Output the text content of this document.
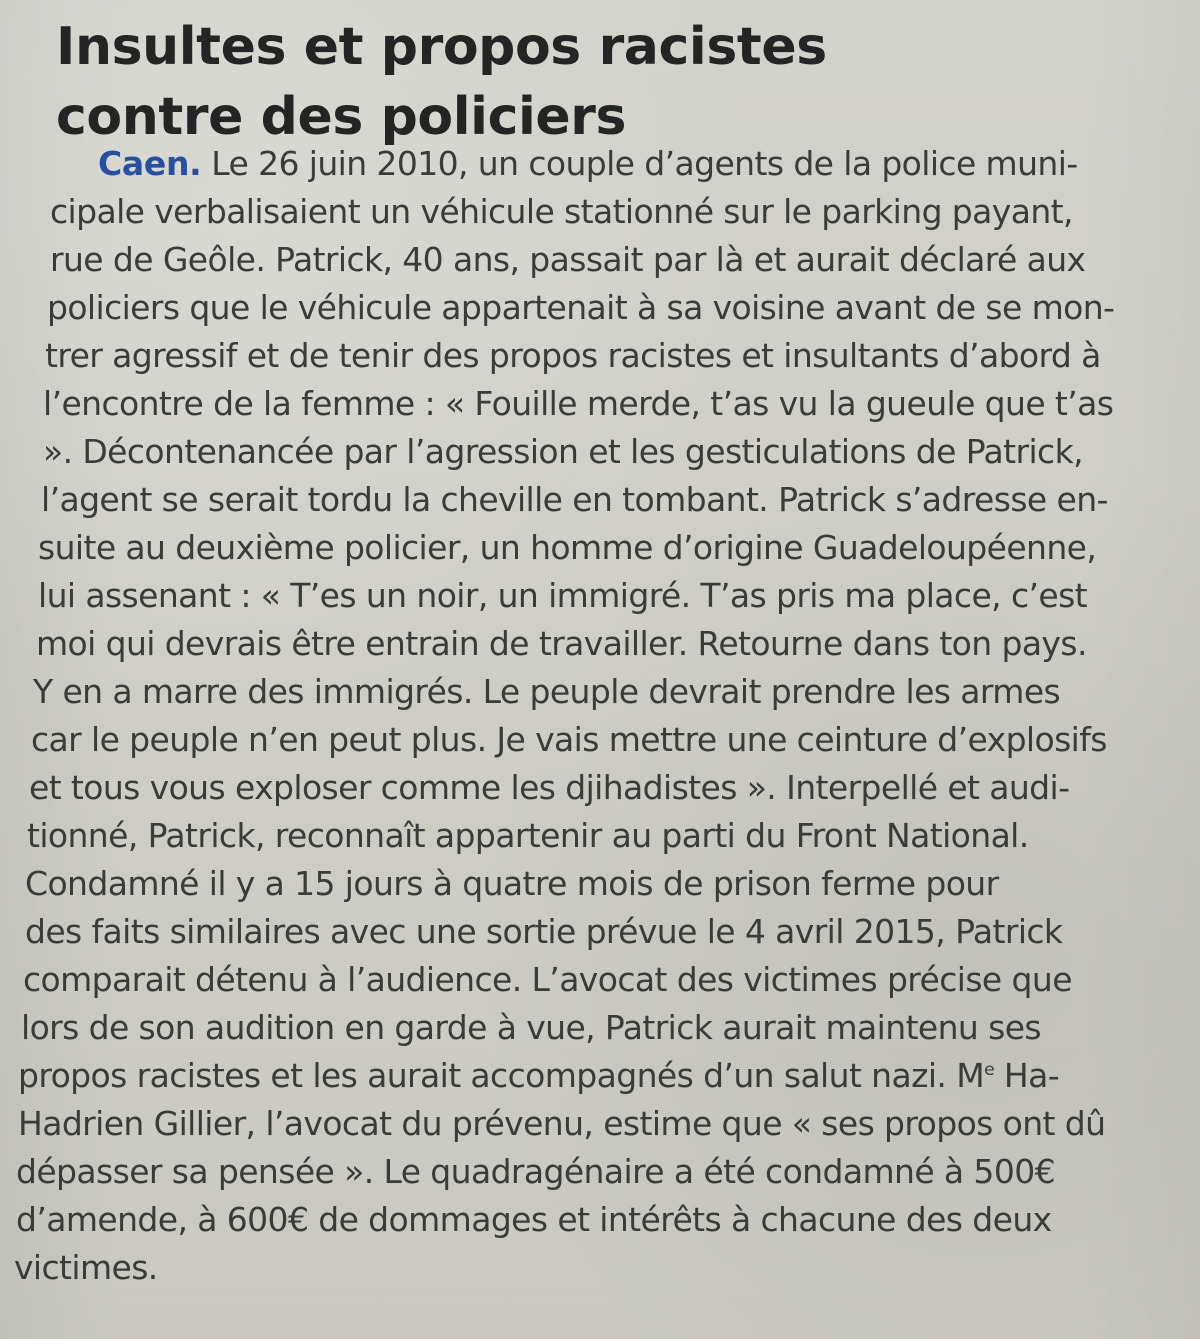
Insultes et propos racistes
contre des policiers
Caen. Le 26 juin 2010, un couple d’agents de la police muni-
cipale verbalisaient un véhicule stationné sur le parking payant,
rue de Geôle. Patrick, 40 ans, passait par là et aurait déclaré aux
policiers que le véhicule appartenait à sa voisine avant de se mon-
trer agressif et de tenir des propos racistes et insultants d’abord à
l’encontre de la femme : « Fouille merde, t’as vu la gueule que t’as
». Décontenancée par l’agression et les gesticulations de Patrick,
l’agent se serait tordu la cheville en tombant. Patrick s’adresse en-
suite au deuxième policier, un homme d’origine Guadeloupéenne,
lui assenant : « T’es un noir, un immigré. T’as pris ma place, c’est
moi qui devrais être entrain de travailler. Retourne dans ton pays.
Y en a marre des immigrés. Le peuple devrait prendre les armes
car le peuple n’en peut plus. Je vais mettre une ceinture d’explosifs
et tous vous exploser comme les djihadistes ». Interpellé et audi-
tionné, Patrick, reconnaît appartenir au parti du Front National.
Condamné il y a 15 jours à quatre mois de prison ferme pour
des faits similaires avec une sortie prévue le 4 avril 2015, Patrick
comparait détenu à l’audience. L’avocat des victimes précise que
lors de son audition en garde à vue, Patrick aurait maintenu ses
propos racistes et les aurait accompagnés d’un salut nazi. Me Ha-
Hadrien Gillier, l’avocat du prévenu, estime que « ses propos ont dû
dépasser sa pensée ». Le quadragénaire a été condamné à 500€
d’amende, à 600€ de dommages et intérêts à chacune des deux
victimes.
